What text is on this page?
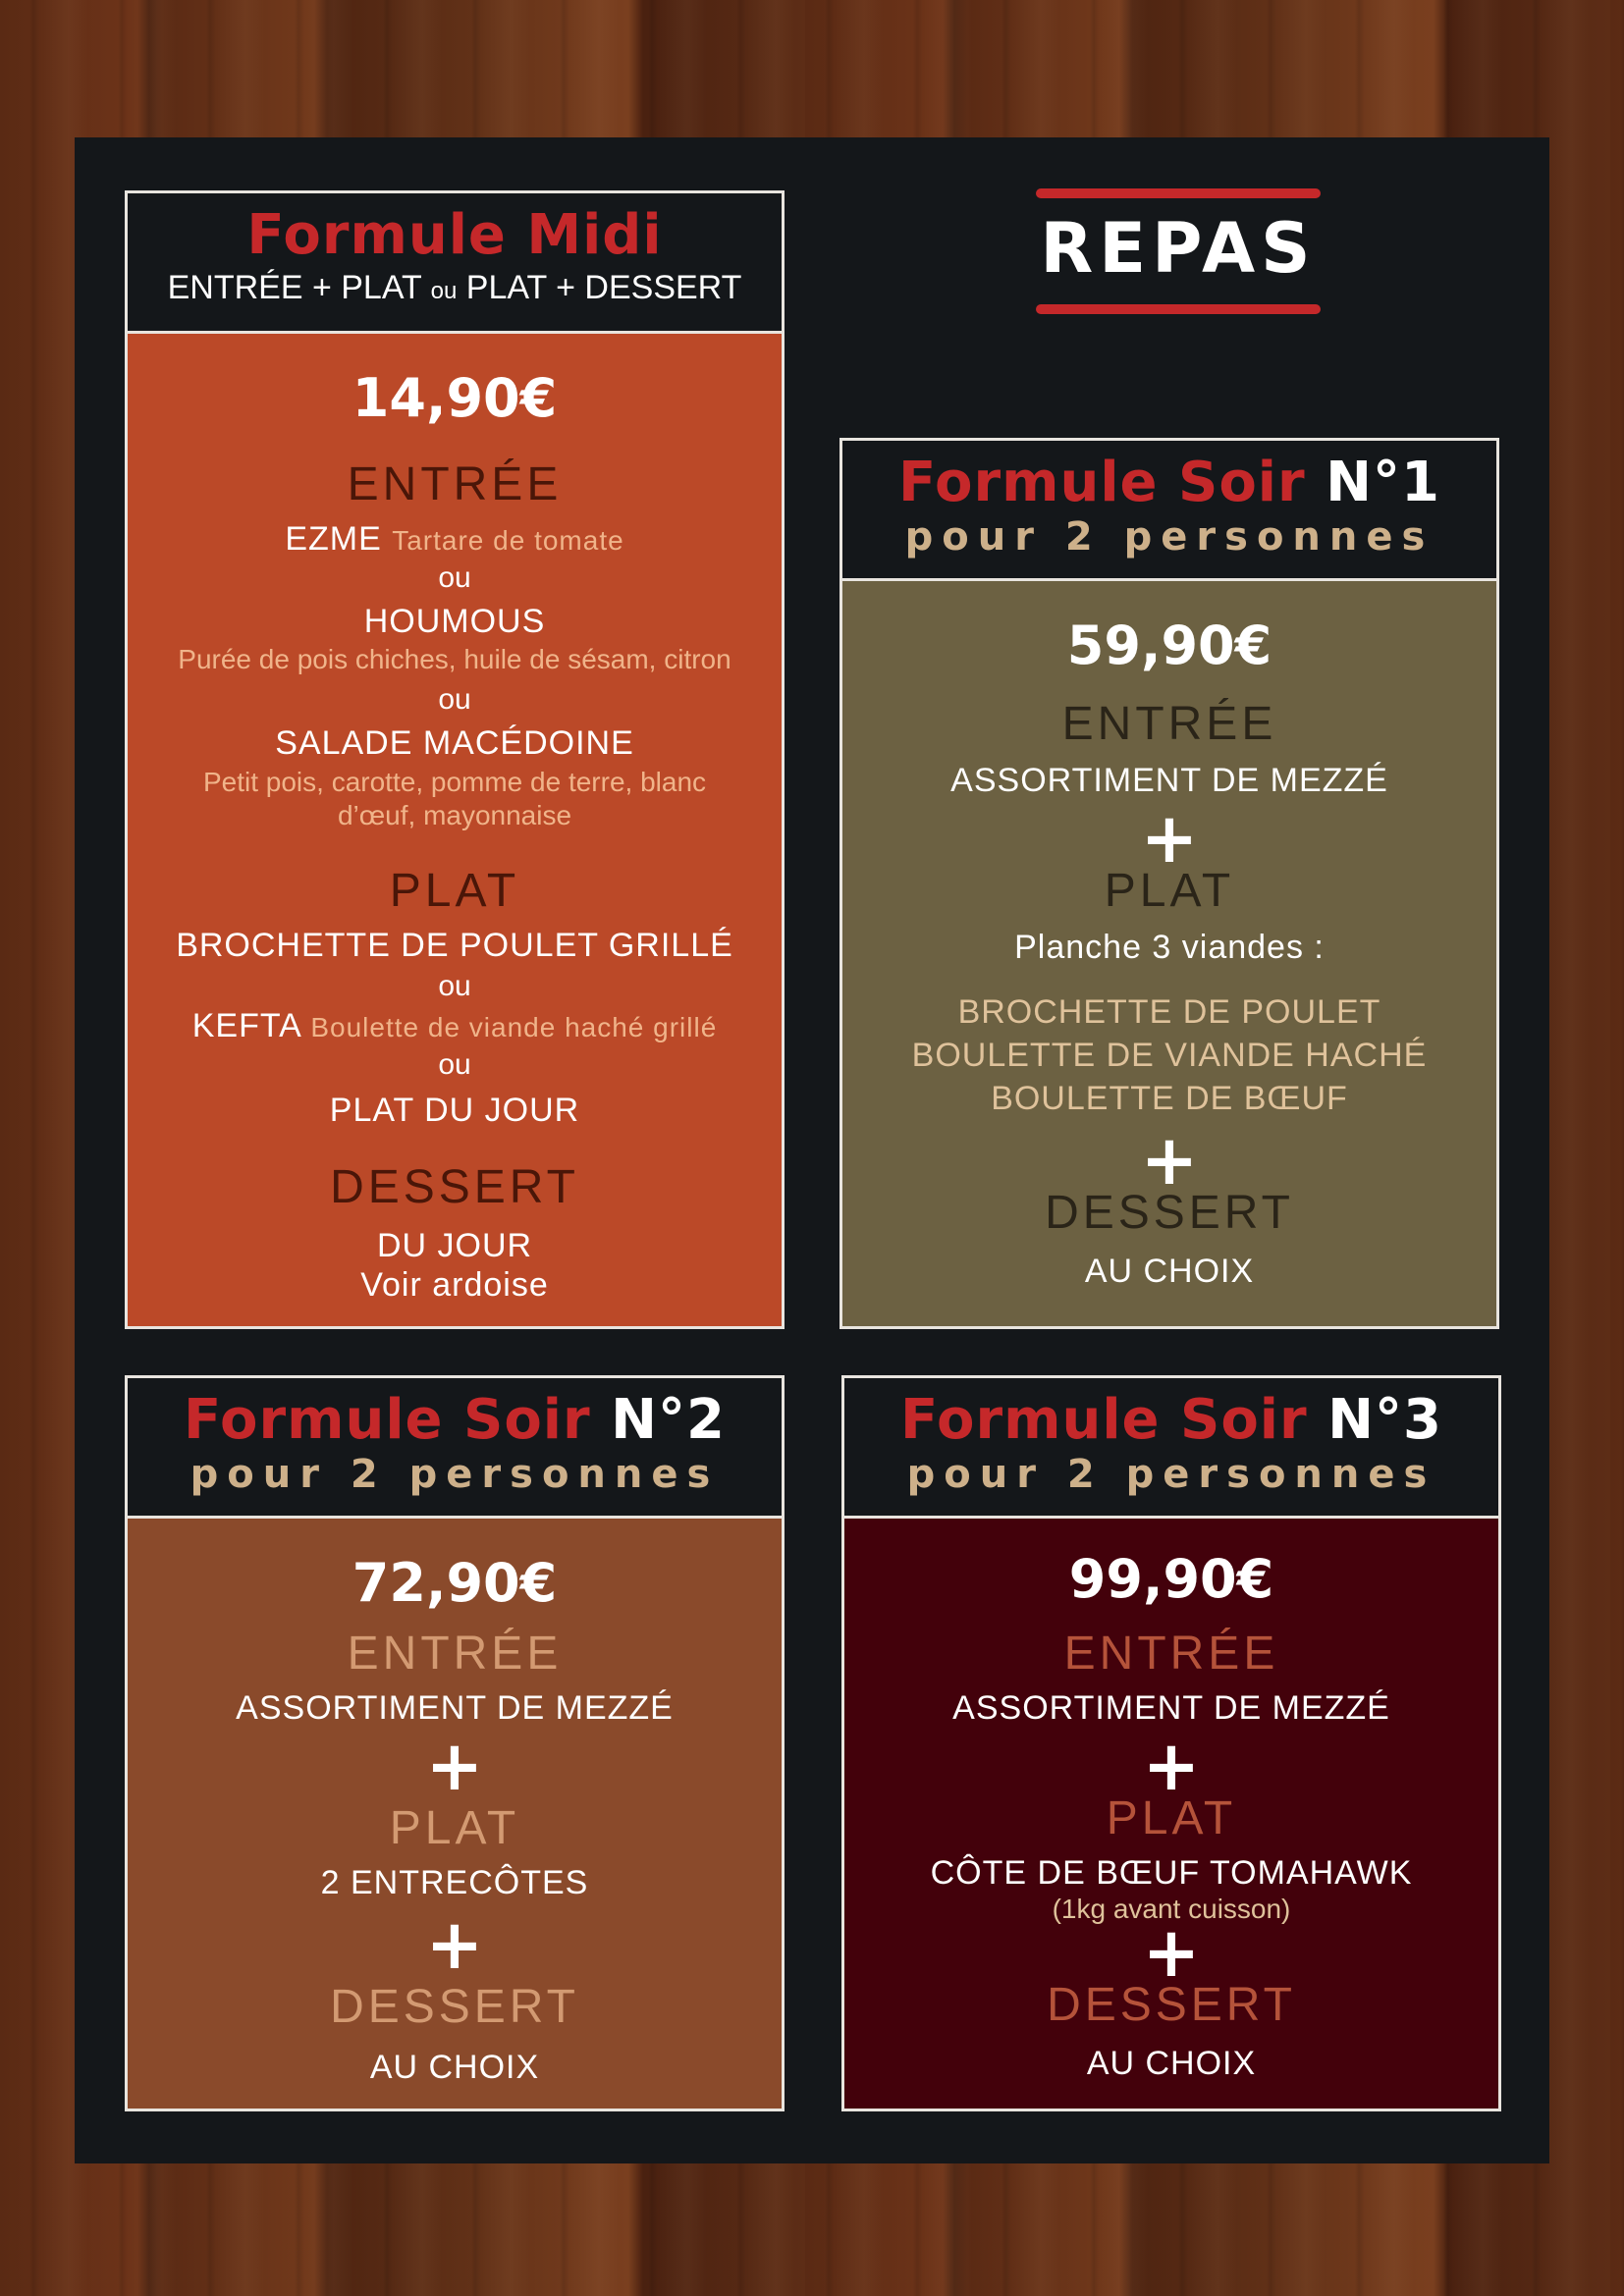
REPAS
Formule Midi
ENTRÉE + PLAT ou PLAT + DESSERT
14,90€
ENTRÉE
EZME Tartare de tomate
ou
HOUMOUS
Purée de pois chiches, huile de sésam, citron
ou
SALADE MACÉDOINE
Petit pois, carotte, pomme de terre, blanc d’œuf, mayonnaise
PLAT
BROCHETTE DE POULET GRILLÉ
ou
KEFTA Boulette de viande haché grillé
ou
PLAT DU JOUR
DESSERT
DU JOUR
Voir ardoise
Formule Soir N°1
pour 2 personnes
59,90€
ENTRÉE
ASSORTIMENT DE MEZZÉ
+
PLAT
Planche 3 viandes :
BROCHETTE DE POULET
BOULETTE DE VIANDE HACHÉ
BOULETTE DE BŒUF
+
DESSERT
AU CHOIX
Formule Soir N°2
pour 2 personnes
72,90€
ENTRÉE
ASSORTIMENT DE MEZZÉ
+
PLAT
2 ENTRECÔTES
+
DESSERT
AU CHOIX
Formule Soir N°3
pour 2 personnes
99,90€
ENTRÉE
ASSORTIMENT DE MEZZÉ
+
PLAT
CÔTE DE BŒUF TOMAHAWK
(1kg avant cuisson)
+
DESSERT
AU CHOIX
